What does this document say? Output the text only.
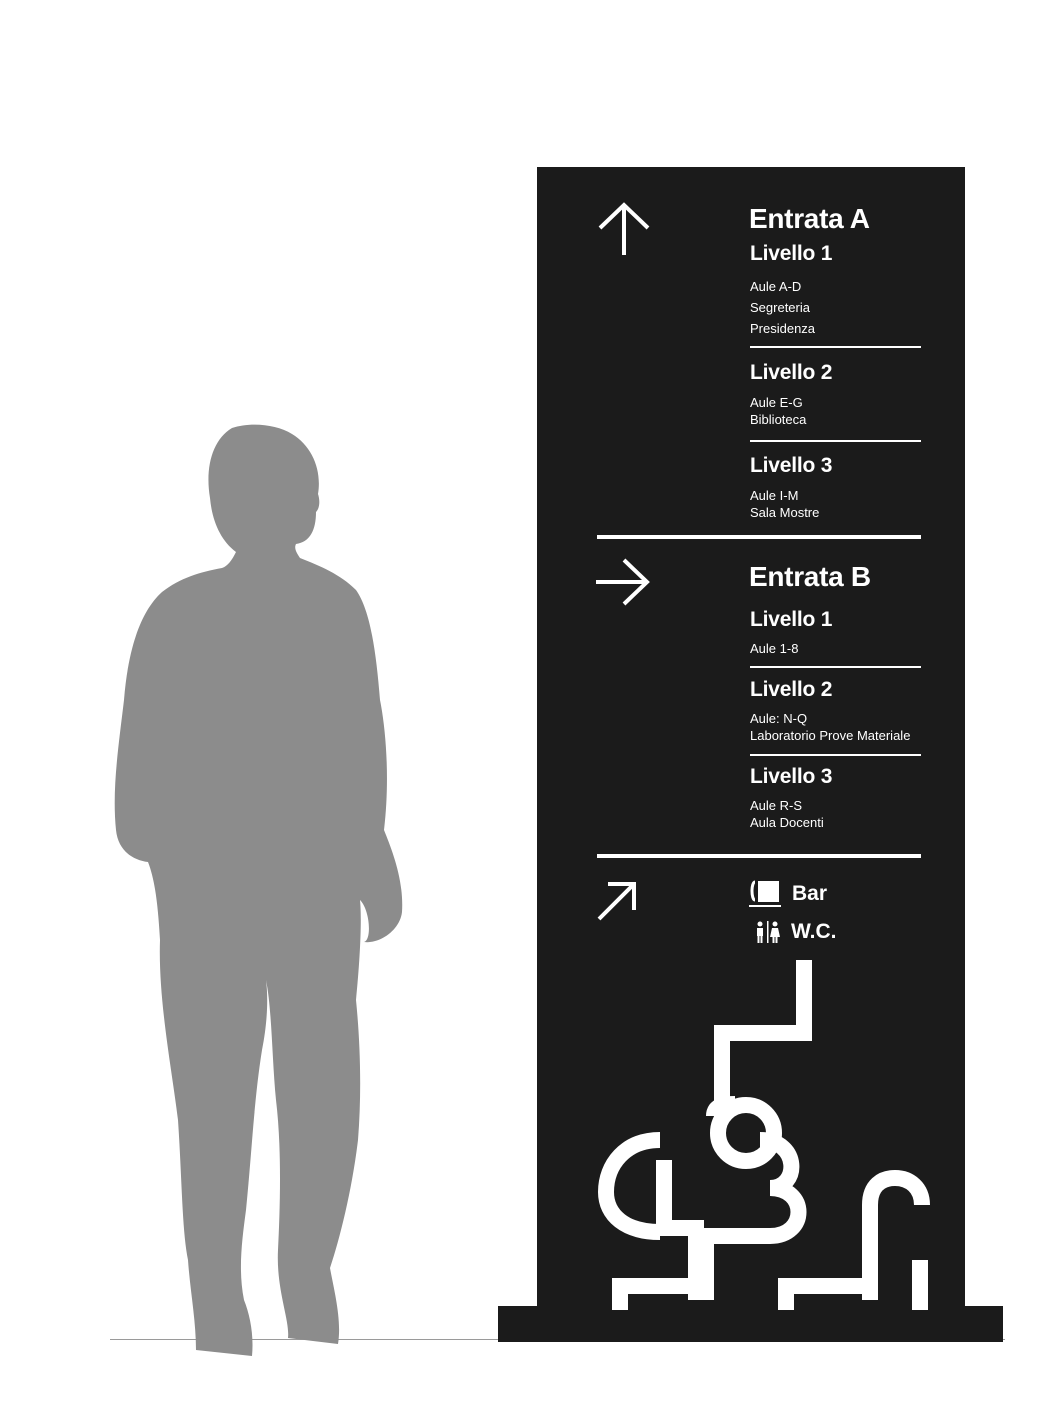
Entrata A
Livello 1
Aule A-D
Segreteria
Presidenza
Livello 2
Aule E-G
Biblioteca
Livello 3
Aule I-M
Sala Mostre
Entrata B
Livello 1
Aule 1-8
Livello 2
Aule: N-Q
Laboratorio Prove Materiale
Livello 3
Aule R-S
Aula Docenti
Bar
W.C.
